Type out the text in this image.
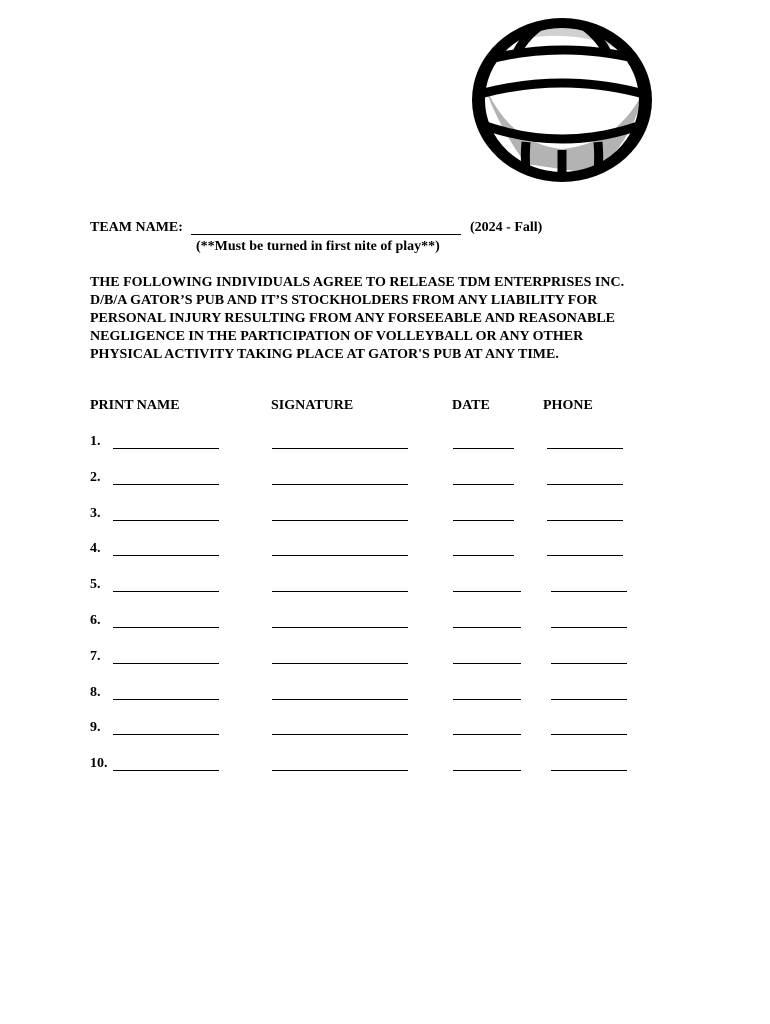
TEAM NAME:	(2024 - Fall)
(**Must be turned in first nite of play**)
THE FOLLOWING INDIVIDUALS AGREE TO RELEASE TDM ENTERPRISES INC.
D/B/A GATOR’S PUB AND IT’S STOCKHOLDERS FROM ANY LIABILITY FOR
PERSONAL INJURY RESULTING FROM ANY FORSEEABLE AND REASONABLE
NEGLIGENCE IN THE PARTICIPATION OF VOLLEYBALL OR ANY OTHER
PHYSICAL ACTIVITY TAKING PLACE AT GATOR'S PUB AT ANY TIME.
PRINT NAME	SIGNATURE	DATE	PHONE
1.
2.
3.
4.
5.
6.
7.
8.
9.
10.
